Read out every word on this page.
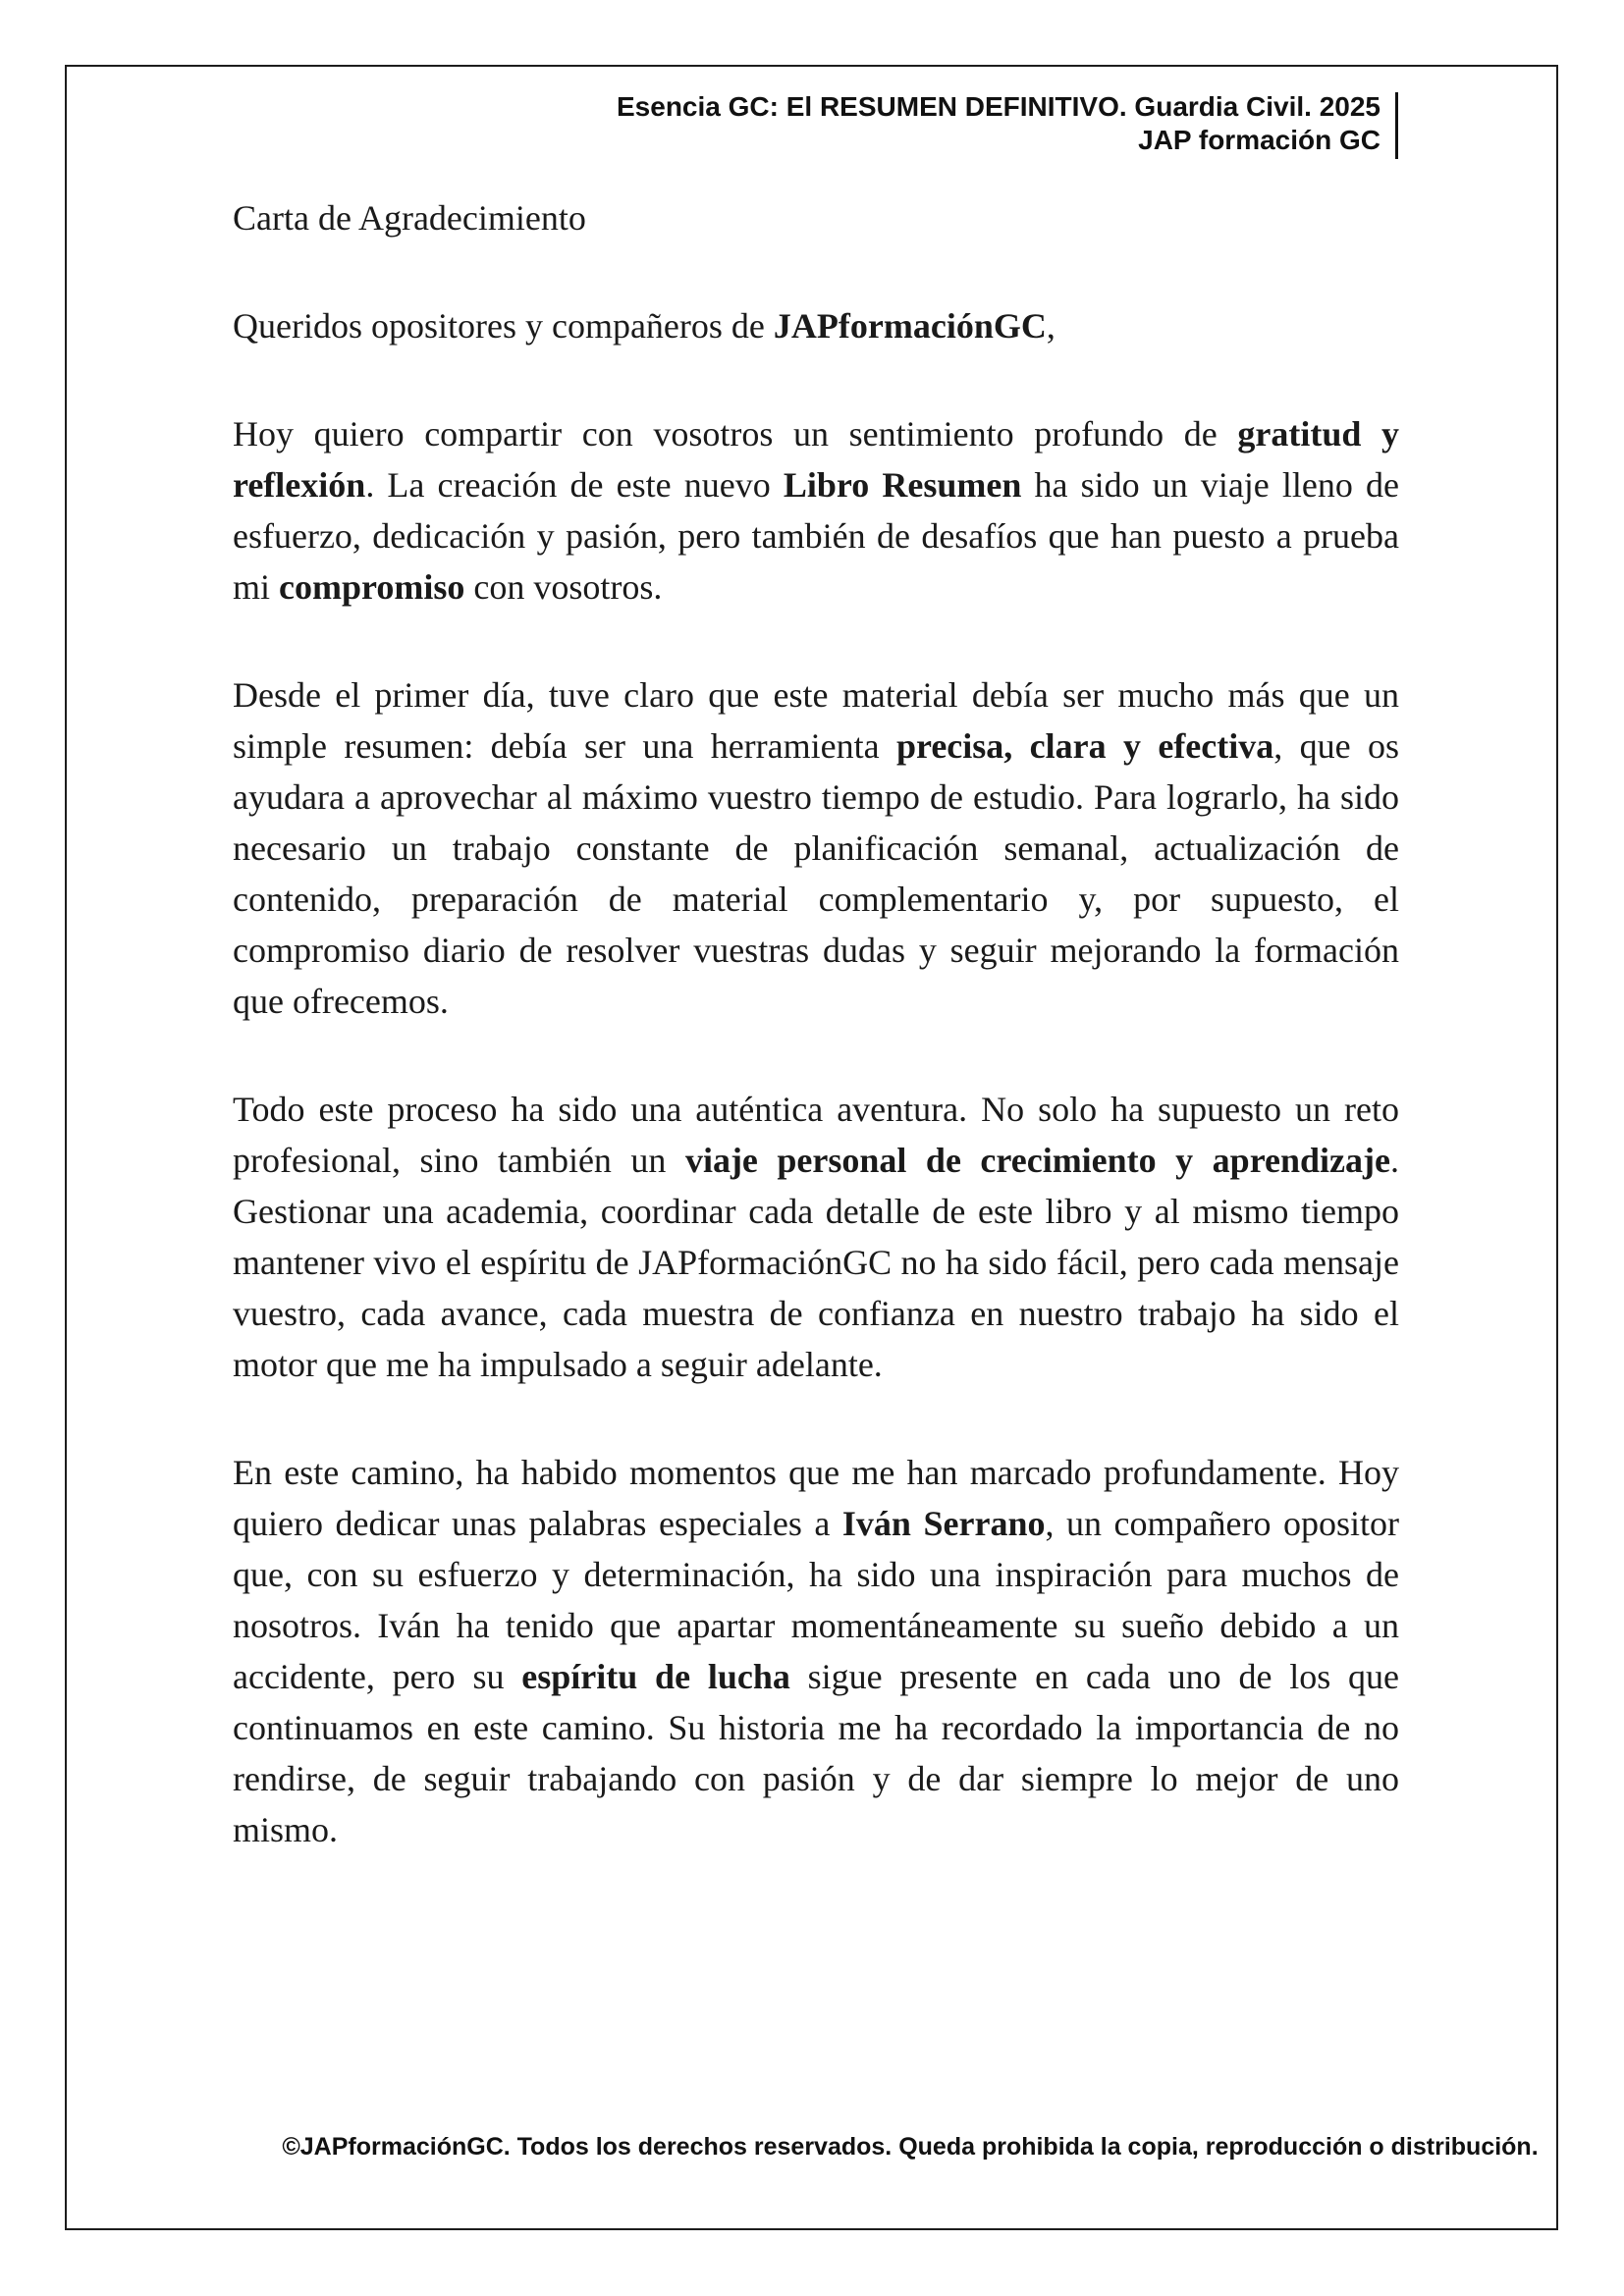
Esencia GC: El RESUMEN DEFINITIVO. Guardia Civil. 2025
JAP formación GC
Carta de Agradecimiento

Queridos opositores y compañeros de JAPformaciónGC,

Hoy quiero compartir con vosotros un sentimiento profundo de gratitud y reflexión. La creación de este nuevo Libro Resumen ha sido un viaje lleno de esfuerzo, dedicación y pasión, pero también de desafíos que han puesto a prueba mi compromiso con vosotros.

Desde el primer día, tuve claro que este material debía ser mucho más que un simple resumen: debía ser una herramienta precisa, clara y efectiva, que os ayudara a aprovechar al máximo vuestro tiempo de estudio. Para lograrlo, ha sido necesario un trabajo constante de planificación semanal, actualización de contenido, preparación de material complementario y, por supuesto, el compromiso diario de resolver vuestras dudas y seguir mejorando la formación que ofrecemos.

Todo este proceso ha sido una auténtica aventura. No solo ha supuesto un reto profesional, sino también un viaje personal de crecimiento y aprendizaje. Gestionar una academia, coordinar cada detalle de este libro y al mismo tiempo mantener vivo el espíritu de JAPformaciónGC no ha sido fácil, pero cada mensaje vuestro, cada avance, cada muestra de confianza en nuestro trabajo ha sido el motor que me ha impulsado a seguir adelante.

En este camino, ha habido momentos que me han marcado profundamente. Hoy quiero dedicar unas palabras especiales a Iván Serrano, un compañero opositor que, con su esfuerzo y determinación, ha sido una inspiración para muchos de nosotros. Iván ha tenido que apartar momentáneamente su sueño debido a un accidente, pero su espíritu de lucha sigue presente en cada uno de los que continuamos en este camino. Su historia me ha recordado la importancia de no rendirse, de seguir trabajando con pasión y de dar siempre lo mejor de uno mismo.

©JAPformaciónGC. Todos los derechos reservados. Queda prohibida la copia, reproducción o distribución.
